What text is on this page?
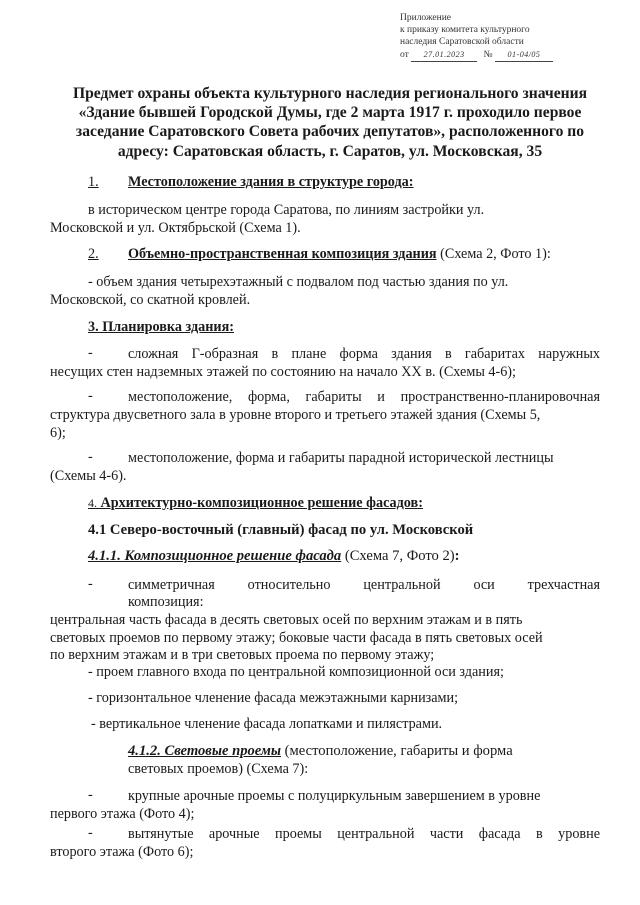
Приложение
к приказу комитета культурного
наследия Саратовской области
от 27.01.2023 № 01-04/05
Предмет охраны объекта культурного наследия регионального значения
«Здание бывшей Городской Думы, где 2 марта 1917 г. проходило первое
заседание Саратовского Совета рабочих депутатов», расположенного по
адресу: Саратовская область, г. Саратов, ул. Московская, 35
1. Местоположение здания в структуре города:
в историческом центре города Саратова, по линиям застройки ул.
Московской и ул. Октябрьской (Схема 1).
2. Объемно-пространственная композиция здания (Схема 2, Фото 1):
- объем здания четырехэтажный с подвалом под частью здания по ул.
Московской, со скатной кровлей.
3. Планировка здания:
- сложная Г-образная в плане форма здания в габаритах наружных
несущих стен надземных этажей по состоянию на начало XX в. (Схемы 4-6);
- местоположение, форма, габариты и пространственно-планировочная
структура двусветного зала в уровне второго и третьего этажей здания (Схемы 5,
6);
- местоположение, форма и габариты парадной исторической лестницы
(Схемы 4-6).
4. Архитектурно-композиционное решение фасадов:
4.1 Северо-восточный (главный) фасад по ул. Московской
4.1.1. Композиционное решение фасада (Схема 7, Фото 2):
- симметричная относительно центральной оси трехчастная
композиция:
центральная часть фасада в десять световых осей по верхним этажам и в пять
световых проемов по первому этажу; боковые части фасада в пять световых осей
по верхним этажам и в три световых проема по первому этажу;
- проем главного входа по центральной композиционной оси здания;
- горизонтальное членение фасада межэтажными карнизами;
- вертикальное членение фасада лопатками и пилястрами.
4.1.2. Световые проемы (местоположение, габариты и форма
световых проемов) (Схема 7):
- крупные арочные проемы с полуциркульным завершением в уровне
первого этажа (Фото 4);
- вытянутые арочные проемы центральной части фасада в уровне
второго этажа (Фото 6);
